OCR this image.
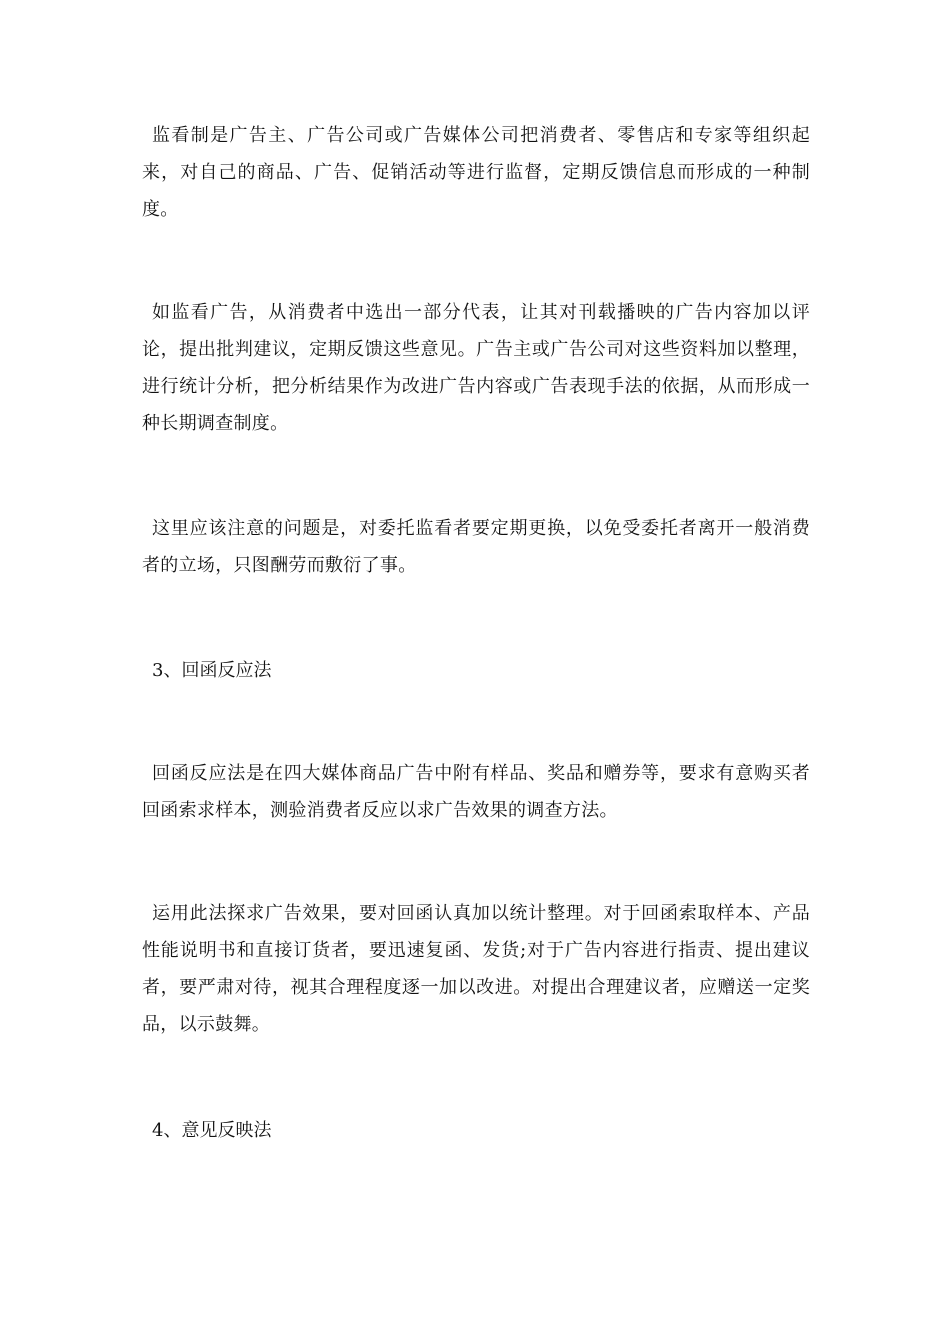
监看制是广告主、广告公司或广告媒体公司把消费者、零售店和专家等组织起来，对自己的商品、广告、促销活动等进行监督，定期反馈信息而形成的一种制度。

如监看广告，从消费者中选出一部分代表，让其对刊载播映的广告内容加以评论，提出批判建议，定期反馈这些意见。广告主或广告公司对这些资料加以整理，进行统计分析，把分析结果作为改进广告内容或广告表现手法的依据，从而形成一种长期调查制度。

这里应该注意的问题是，对委托监看者要定期更换，以免受委托者离开一般消费者的立场，只图酬劳而敷衍了事。

3、回函反应法

回函反应法是在四大媒体商品广告中附有样品、奖品和赠券等，要求有意购买者回函索求样本，测验消费者反应以求广告效果的调查方法。

运用此法探求广告效果，要对回函认真加以统计整理。对于回函索取样本、产品性能说明书和直接订货者，要迅速复函、发货;对于广告内容进行指责、提出建议者，要严肃对待，视其合理程度逐一加以改进。对提出合理建议者，应赠送一定奖品，以示鼓舞。

4、意见反映法
